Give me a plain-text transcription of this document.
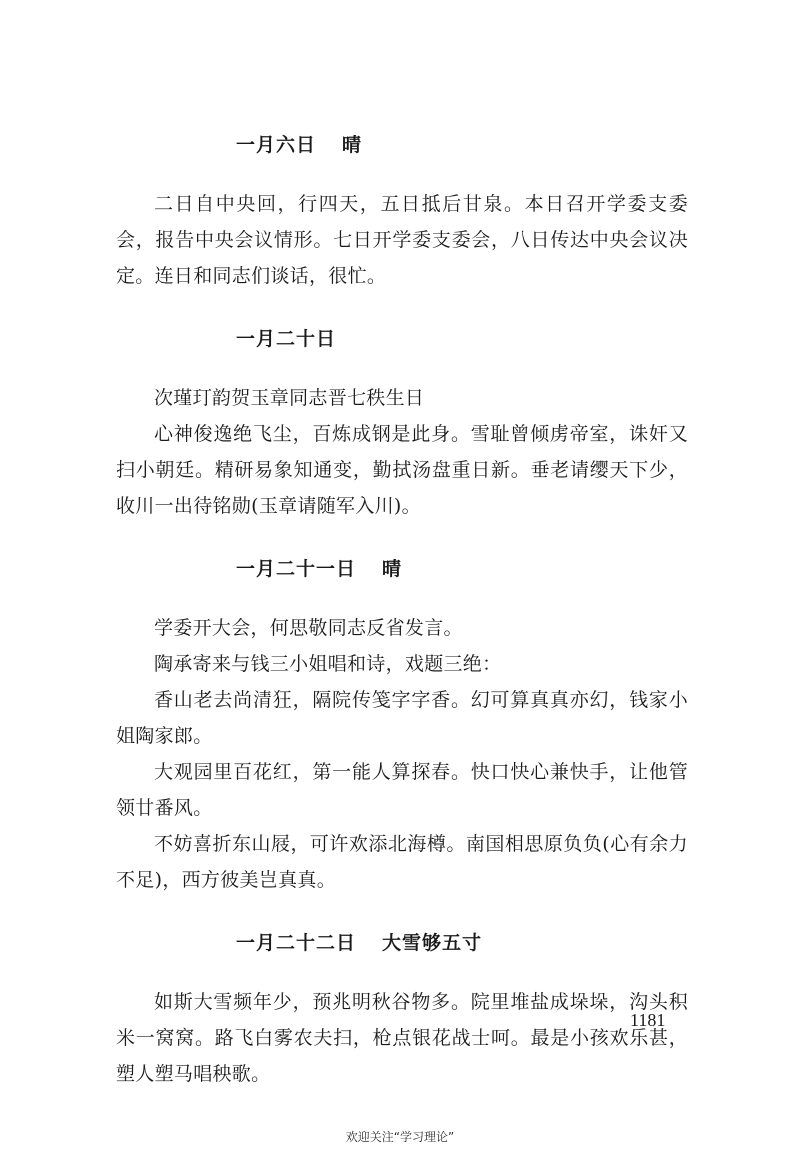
一月六日 晴

二日自中央回，行四天，五日抵后甘泉。本日召开学委支委会，报告中央会议情形。七日开学委支委会，八日传达中央会议决定。连日和同志们谈话，很忙。

一月二十日

次瑾玎韵贺玉章同志晋七秩生日

心神俊逸绝飞尘，百炼成钢是此身。雪耻曾倾虏帝室，诛奸又扫小朝廷。精研易象知通变，勤拭汤盘重日新。垂老请缨天下少，收川一出待铭勋(玉章请随军入川)。

一月二十一日 晴

学委开大会，何思敬同志反省发言。

陶承寄来与钱三小姐唱和诗，戏题三绝：

香山老去尚清狂，隔院传笺字字香。幻可算真真亦幻，钱家小姐陶家郎。

大观园里百花红，第一能人算探春。快口快心兼快手，让他管领廿番风。

不妨喜折东山屐，可许欢添北海樽。南国相思原负负(心有余力不足)，西方彼美岂真真。

一月二十二日 大雪够五寸

如斯大雪频年少，预兆明秋谷物多。院里堆盐成垛垛，沟头积米一窝窝。路飞白雾农夫扫，枪点银花战士呵。最是小孩欢乐甚，塑人塑马唱秧歌。

1181
欢迎关注“学习理论”
